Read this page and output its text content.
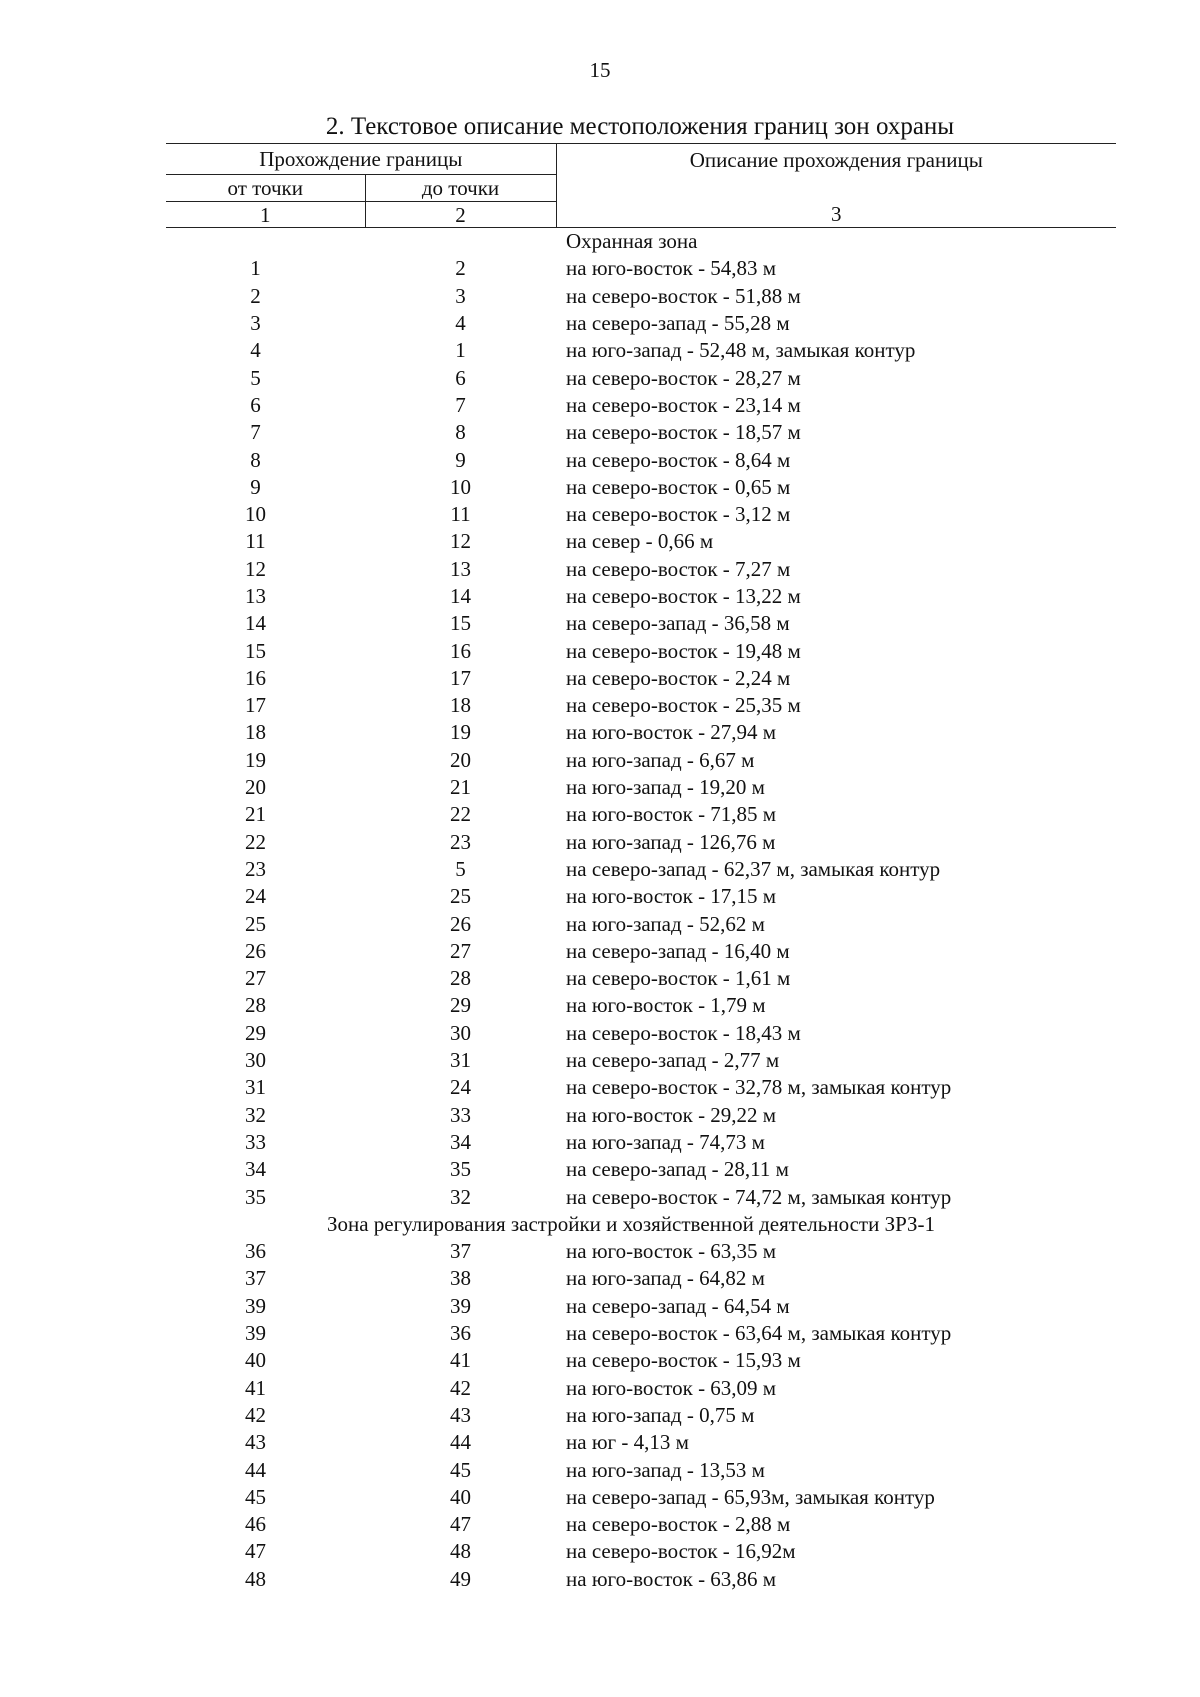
15
2. Текстовое описание местоположения границ зон охраны
Прохождение границы		Описание прохождения границы
от точки	до точки	
1	2	3
		Охранная зона
1	2	на юго-восток - 54,83 м
2	3	на северо-восток - 51,88 м
3	4	на северо-запад - 55,28 м
4	1	на юго-запад - 52,48 м, замыкая контур
5	6	на северо-восток - 28,27 м
6	7	на северо-восток - 23,14 м
7	8	на северо-восток - 18,57 м
8	9	на северо-восток - 8,64 м
9	10	на северо-восток - 0,65 м
10	11	на северо-восток - 3,12 м
11	12	на север - 0,66 м
12	13	на северо-восток - 7,27 м
13	14	на северо-восток - 13,22 м
14	15	на северо-запад - 36,58 м
15	16	на северо-восток - 19,48 м
16	17	на северо-восток - 2,24 м
17	18	на северо-восток - 25,35 м
18	19	на юго-восток - 27,94 м
19	20	на юго-запад - 6,67 м
20	21	на юго-запад - 19,20 м
21	22	на юго-восток - 71,85 м
22	23	на юго-запад - 126,76 м
23	5	на северо-запад - 62,37 м, замыкая контур
24	25	на юго-восток - 17,15 м
25	26	на юго-запад - 52,62 м
26	27	на северо-запад - 16,40 м
27	28	на северо-восток - 1,61 м
28	29	на юго-восток - 1,79 м
29	30	на северо-восток - 18,43 м
30	31	на северо-запад - 2,77 м
31	24	на северо-восток - 32,78 м, замыкая контур
32	33	на юго-восток - 29,22 м
33	34	на юго-запад - 74,73 м
34	35	на северо-запад - 28,11 м
35	32	на северо-восток - 74,72 м, замыкая контур
Зона регулирования застройки и хозяйственной деятельности ЗРЗ-1		
36	37	на юго-восток - 63,35 м
37	38	на юго-запад - 64,82 м
39	39	на северо-запад - 64,54 м
39	36	на северо-восток - 63,64 м, замыкая контур
40	41	на северо-восток - 15,93 м
41	42	на юго-восток - 63,09 м
42	43	на юго-запад - 0,75 м
43	44	на юг - 4,13 м
44	45	на юго-запад - 13,53 м
45	40	на северо-запад - 65,93м, замыкая контур
46	47	на северо-восток - 2,88 м
47	48	на северо-восток - 16,92м
48	49	на юго-восток - 63,86 м
